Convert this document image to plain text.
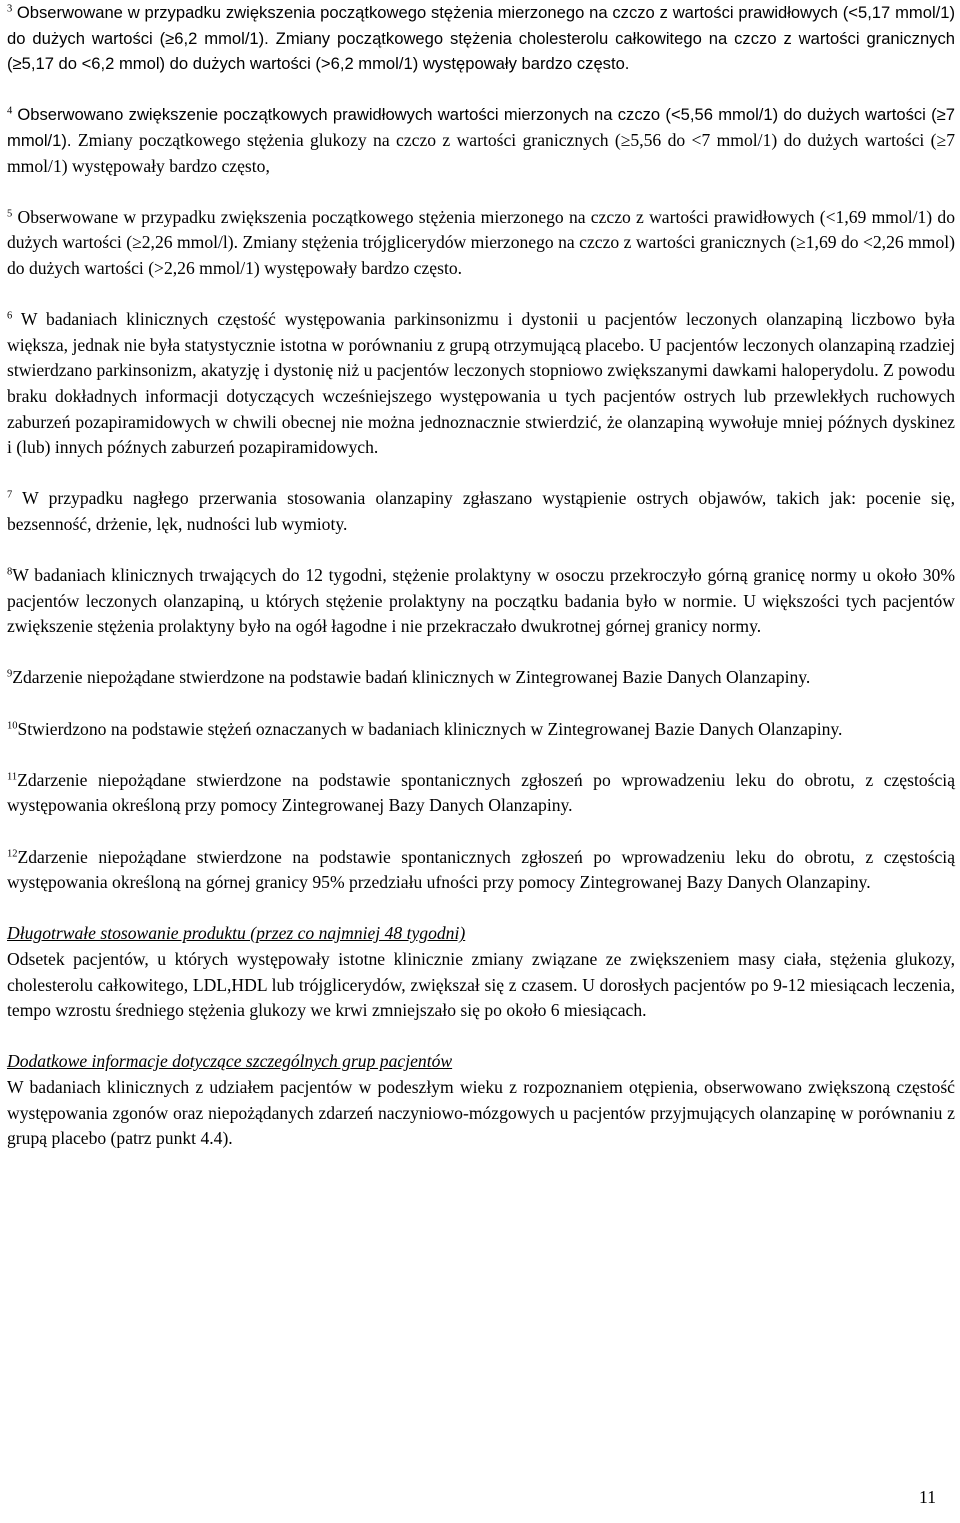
$^3$ Obserwowane w przypadku zwiększenia początkowego stężenia mierzonego na czczo z wartości prawidłowych (<5,17 mmol/1) do dużych wartości (≥6,2 mmol/1). Zmiany początkowego stężenia cholesterolu całkowitego na czczo z wartości granicznych (≥5,17 do <6,2 mmol) do dużych wartości (>6,2 mmol/1) występowały bardzo często.

$^4$ Obserwowano zwiększenie początkowych prawidłowych wartości mierzonych na czczo (<5,56 mmol/1) do dużych wartości (≥7 mmol/1). Zmiany początkowego stężenia glukozy na czczo z wartości granicznych (≥5,56 do <7 mmol/1) do dużych wartości (≥7 mmol/1) występowały bardzo często,

$^5$ Obserwowane w przypadku zwiększenia początkowego stężenia mierzonego na czczo z wartości prawidłowych (<1,69 mmol/1) do dużych wartości (≥2,26 mmol/l). Zmiany stężenia trójglicerydów mierzonego na czczo z wartości granicznych (≥1,69 do <2,26 mmol) do dużych wartości (>2,26 mmol/1) występowały bardzo często.

$^6$ W badaniach klinicznych częstość występowania parkinsonizmu i dystonii u pacjentów leczonych olanzapiną liczbowo była większa, jednak nie była statystycznie istotna w porównaniu z grupą otrzymującą placebo. U pacjentów leczonych olanzapiną rzadziej stwierdzano parkinsonizm, akatyzję i dystonię niż u pacjentów leczonych stopniowo zwiększanymi dawkami haloperydolu. Z powodu braku dokładnych informacji dotyczących wcześniejszego występowania u tych pacjentów ostrych lub przewlekłych ruchowych zaburzeń pozapiramidowych w chwili obecnej nie można jednoznacznie stwierdzić, że olanzapiną wywołuje mniej późnych dyskinez i (lub) innych późnych zaburzeń pozapiramidowych.

$^7$ W przypadku nagłego przerwania stosowania olanzapiny zgłaszano wystąpienie ostrych objawów, takich jak: pocenie się, bezsenność, drżenie, lęk, nudności lub wymioty.

$^8$W badaniach klinicznych trwających do 12 tygodni, stężenie prolaktyny w osoczu przekroczyło górną granicę normy u około 30% pacjentów leczonych olanzapiną, u których stężenie prolaktyny na początku badania było w normie. U większości tych pacjentów zwiększenie stężenia prolaktyny było na ogół łagodne i nie przekraczało dwukrotnej górnej granicy normy.

$^9$Zdarzenie niepożądane stwierdzone na podstawie badań klinicznych w Zintegrowanej Bazie Danych Olanzapiny.

$^{10}$Stwierdzono na podstawie stężeń oznaczanych w badaniach klinicznych w Zintegrowanej Bazie Danych Olanzapiny.

$^{11}$Zdarzenie niepożądane stwierdzone na podstawie spontanicznych zgłoszeń po wprowadzeniu leku do obrotu, z częstością występowania określoną przy pomocy Zintegrowanej Bazy Danych Olanzapiny.

$^{12}$Zdarzenie niepożądane stwierdzone na podstawie spontanicznych zgłoszeń po wprowadzeniu leku do obrotu, z częstością występowania określoną na górnej granicy 95% przedziału ufności przy pomocy Zintegrowanej Bazy Danych Olanzapiny.

Długotrwałe stosowanie produktu (przez co najmniej 48 tygodni)
Odsetek pacjentów, u których występowały istotne klinicznie zmiany związane ze zwiększeniem masy ciała, stężenia glukozy, cholesterolu całkowitego, LDL,HDL lub trójglicerydów, zwiększał się z czasem. U dorosłych pacjentów po 9-12 miesiącach leczenia, tempo wzrostu średniego stężenia glukozy we krwi zmniejszało się po około 6 miesiącach.

Dodatkowe informacje dotyczące szczególnych grup pacjentów
W badaniach klinicznych z udziałem pacjentów w podeszłym wieku z rozpoznaniem otępienia, obserwowano zwiększoną częstość występowania zgonów oraz niepożądanych zdarzeń naczyniowo-mózgowych u pacjentów przyjmujących olanzapinę w porównaniu z grupą placebo (patrz punkt 4.4).

11
